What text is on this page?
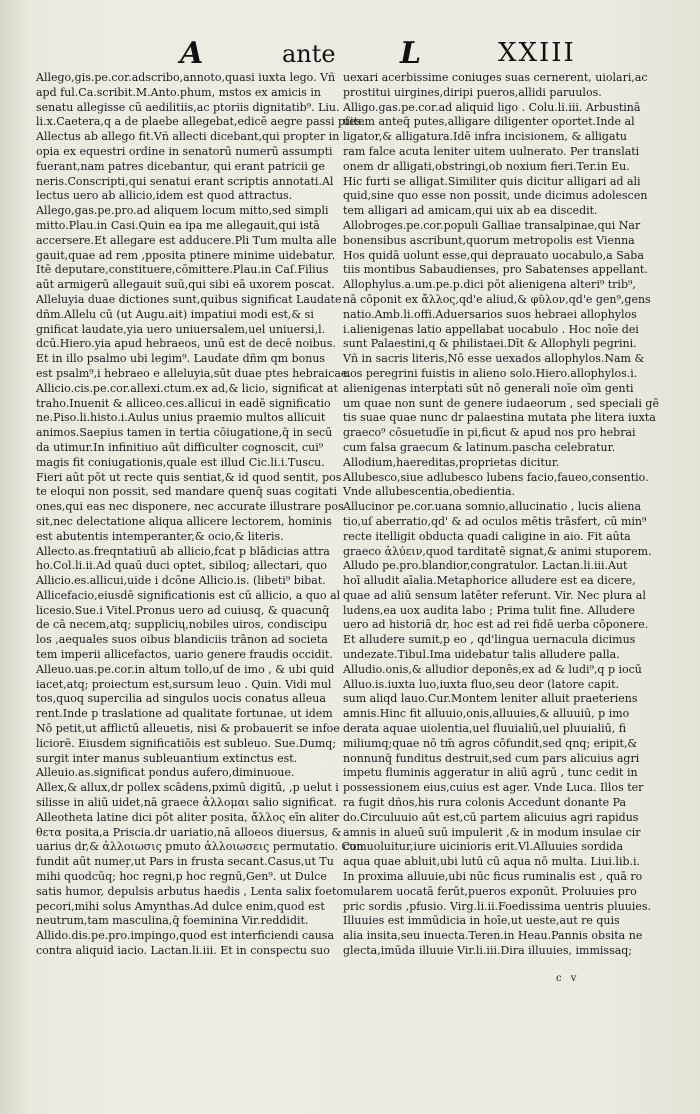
A	ante L	XXIII
Allego,gis.pe.cor.adscribo,annoto,quasi iuxta lego. Vñ
apd ful.Ca.scribit.M.Anto.phum, mstos ex amicis in
senatu allegisse cũ aedilitiis,ac ptoriis dignitatib⁹. Liu.
li.x.Caetera,q a de plaebe allegebat,edicē aegre passi pſes.
Allectus ab allego fit.Vñ allecti dicebant,qui propter in
opia ex equestri ordine in senatorū numerū assumpti
fuerant,nam patres dicebantur, qui erant patricii ge
neris.Conscripti,qui senatui erant scriptis annotati.Al
lectus uero ab allicio,idem est quod attractus.
Allego,gas.pe.pro.ad aliquem locum mitto,sed simpli
mitto.Plau.in Casi.Quin ea ipa me allegauit,qui istā
accersere.Et allegare est adducere.Pli Tum multa alle
gauit,quae ad rem ,pposita ptinere minime uidebatur.
Itē deputare,constituere,cōmittere.Plau.in Caſ.Filius
aūt armigerū allegauit suū,qui sibi eā uxorem poscat.
Alleluyia duae dictiones sunt,quibus significat Laudate
dñm.Allelu cū (ut Augu.ait) impatiui modi est,& si
gnificat laudate,yia uero uniuersalem,uel uniuersi,l.
dcū.Hiero.yia apud hebraeos, unū est de decē noibus.
Et in illo psalmo ubi legim⁹. Laudate dñm qm bonus
est psalm⁹,i hebraeo e alleluyia,sūt duae ptes hebraicae.
Allicio.cis.pe.cor.allexi.ctum.ex ad,& licio, significat at
traho.Inuenit & alliceo.ces.allicui in eadē significatio
ne.Piso.li.histo.i.Aulus unius praemio multos allicuit
animos.Saepius tamen in tertia cōiugatione,q̄ in secū
da utimur.In infinitiuo aūt difficulter cognoscit, cui⁹
magis fit coniugationis,quale est illud Cic.li.i.Tuscu.
Fieri aūt pōt ut recte quis sentiat,& id quod sentit, pos
te eloqui non possit, sed mandare quenq̄ suas cogitati
ones,qui eas nec disponere, nec accurate illustrare pos
sit,nec delectatione aliqua allicere lectorem, hominis
est abutentis intemperanter,& ocio,& literis.
Allecto.as.freqntatiuū ab allicio,fcat p blādicias attra
ho.Col.li.ii.Ad quaū duci optet, sibiloq; allectari, quo
Allicio.es.allicui,uide i dcōne Allicio.is. (libeti⁹ bibat.
Allicefacio,eiusdē significationis est cū allicio, a quo al
licesio.Sue.i Vitel.Pronus uero ad cuiusq, & quacunq̄
de cā necem,atq; supplicių,nobiles uiros, condiscipu
los ,aequales suos oibus blandiciis trānon ad societa
tem imperii allicefactos, uario genere fraudis occidit.
Alleuo.uas.pe.cor.in altum tollo,uſ de imo , & ubi quid
iacet,atq; proiectum est,sursum leuo . Quin. Vidi mul
tos,quoq supercilia ad singulos uocis conatus alleua
rent.Inde p traslatione ad qualitate fortunae, ut idem
Nō petit,ut afflictū alleuetis, nisi & probauerit se infoe
liciorē. Eiusdem significatiōis est subleuo. Sue.Dumq;
surgit inter manus subleuantium extinctus est.
Alleuio.as.significat pondus aufero,diminuoue.
Allex,& allux,dr pollex scādens,pximū digitū, ,p uelut i
silisse in aliū uidet,nā graece ἀλλομαι salio significat.
Alleotheta latine dici pōt aliter posita, ἄλλος eīn aliter
θετα posita,a Priscia.dr uariatio,nā alloeos diuersus, &
uarius dr,& ἀλλοιωσις pmuto ἀλλοιωσεις permutatio. Con
fundit aūt numeṛ,ut Pars in frusta secant.Casus,ut Tu
mihi quodcūq; hoc regni,p hoc regnū,Gen⁹. ut Dulce
satis humor, depulsis arbutus haedis , Lenta salix foeto
pecori,mihi solus Amynthas.Ad dulce enim,quod est
neutrum,tam masculina,q̄ foeminina Vir.reddidit.
Allido.dis.pe.pro.impingo,quod est interficiendi causa
contra aliquid iacio. Lactan.li.iii. Et in conspectu suo
uexari acerbissime coniuges suas cernerent, uiolari,ac
prostitui uirgines,diripi pueros,allidi paruulos.
Alligo.gas.pe.cor.ad aliquid ligo . Colu.li.iii. Arbustinā
uitem anteq̄ putes,alligare diligenter oportet.Inde al
ligator,& alligatura.Idē infra incisionem, & alligatu
ram falce acuta leniter uitem uulnerato. Per translati
onem dr alligati,obstringi,ob noxium fieri.Ter.in Eu.
Hic furti se alligat.Similiter quis dicitur alligari ad ali
quid,sine quo esse non possit, unde dicimus adolescen
tem alligari ad amicam,qui uix ab ea discedit.
Allobroges.pe.cor.populi Galliae transalpinae,qui Nar
bonensibus ascribunt,quorum metropolis est Vienna
Hos quidā uolunt esse,qui deprauato uocabulo,a Saba
tiis montibus Sabaudienses, pro Sabatenses appellant.
Allophylus.a.um.pe.p.dici pōt alienigena alteri⁹ trib⁹,
nā cōponit ex ἄλλος,qd'e aliud,& φῦλον,qd'e gen⁹,gens
natio.Amb.li.offi.Aduersarios suos hebraei allophylos
i.alienigenas latio appellabat uocabulo . Hoc noīe dei
sunt Palaestini,q & philistaei.Dīt & Allophyli pegrini.
Vñ in sacris literis,Nō esse uexados allophylos.Nam &
uos peregrini fuistis in alieno solo.Hiero.allophylos.i.
alienigenas interpṫati sūt nō generali noīe oīm genti
um quae non sunt de genere iudaeorum , sed speciali gē
tis suae quae nunc dr palaestina mutata phe litera iuxta
graeco⁹ cōsuetudīe in pi,ficut & apud nos pro hebrai
cum falsa graecum & latinum.pascha celebratur.
Allodium,haereditas,proprietas dicitur.
Allubesco,siue adlubesco lubens facio,faueo,consentio.
Vnde allubescentia,obedientia.
Allucinor pe.cor.uana somnio,allucinatio , lucis aliena
tio,uſ aberratio,qd' & ad oculos mētis trāsfert, cū min⁹
recte itelligit obducta quadi caligine in aio. Fit aūta
graeco ἀλύειν,quod tarditatē signat,& animi stuporem.
Alludo pe.pro.blandior,congratulor. Lactan.li.iii.Aut
hoī alludit aīalia.Metaphorice alludere est ea dicere,
quae ad aliū sensum latēter referunt. Vir. Nec plura al
ludens,ea uox audita labo ; Prima tulit fine. Alludere
uero ad historiā dr, hoc est ad rei fidē uerba cōponere.
Et alludere sumit,p eo , qd'lingua uernacula dicimus
undezate.Tibul.Ima uidebatur talis alludere palla.
Alludio.onis,& alludior deponēs,ex ad & ludi⁹,q p iocū
Alluo.is.iuxta luo,iuxta fluo,seu deor (latore capit.
sum aliqd lauo.Cur.Montem leniter alluit praeteriens
amnis.Hinc fit alluuio,onis,alluuies,& alluuiū, p imo
derata aquae uiolentia,uel fluuialiū,uel pluuialiū, fi
miliumq;quae nō tm̄ agros cōfundit,sed qnq; eripit,&
nonnunq̄ funditus destruit,sed cum pars alicuius agri
impetu fluminis aggeratur in aliū agrū , tunc cedit in
possessionem eius,cuius est ager. Vnde Luca. Illos ter
ra fugit dños,his rura colonis Accedunt donante Pa
do.Circuluuio aūt est,cū partem alicuius agri rapidus
amnis in alueū suū impulerit ,& in modum insulae cir
cumuoluitur,iure uicinioris erit.Vl.Alluuies sordida
aqua quae abluit,ubi lutū cū aqua nō multa. Liui.lib.i.
In proxima alluuie,ubi nūc ficus ruminalis est , quā ro
mularem uocatā ferūt,pueros exponūt. Proluuies pro
pric sordis ,pfusio. Virg.li.ii.Foedissima uentris pluuies.
Illuuies est immūdicia in hoīe,ut ueste,aut re quis
alia insita,seu inuecta.Teren.in Heau.Pannis obsita ne
glecta,imūda illuuie Vir.li.iii.Dira illuuies, immissaq;
c v
